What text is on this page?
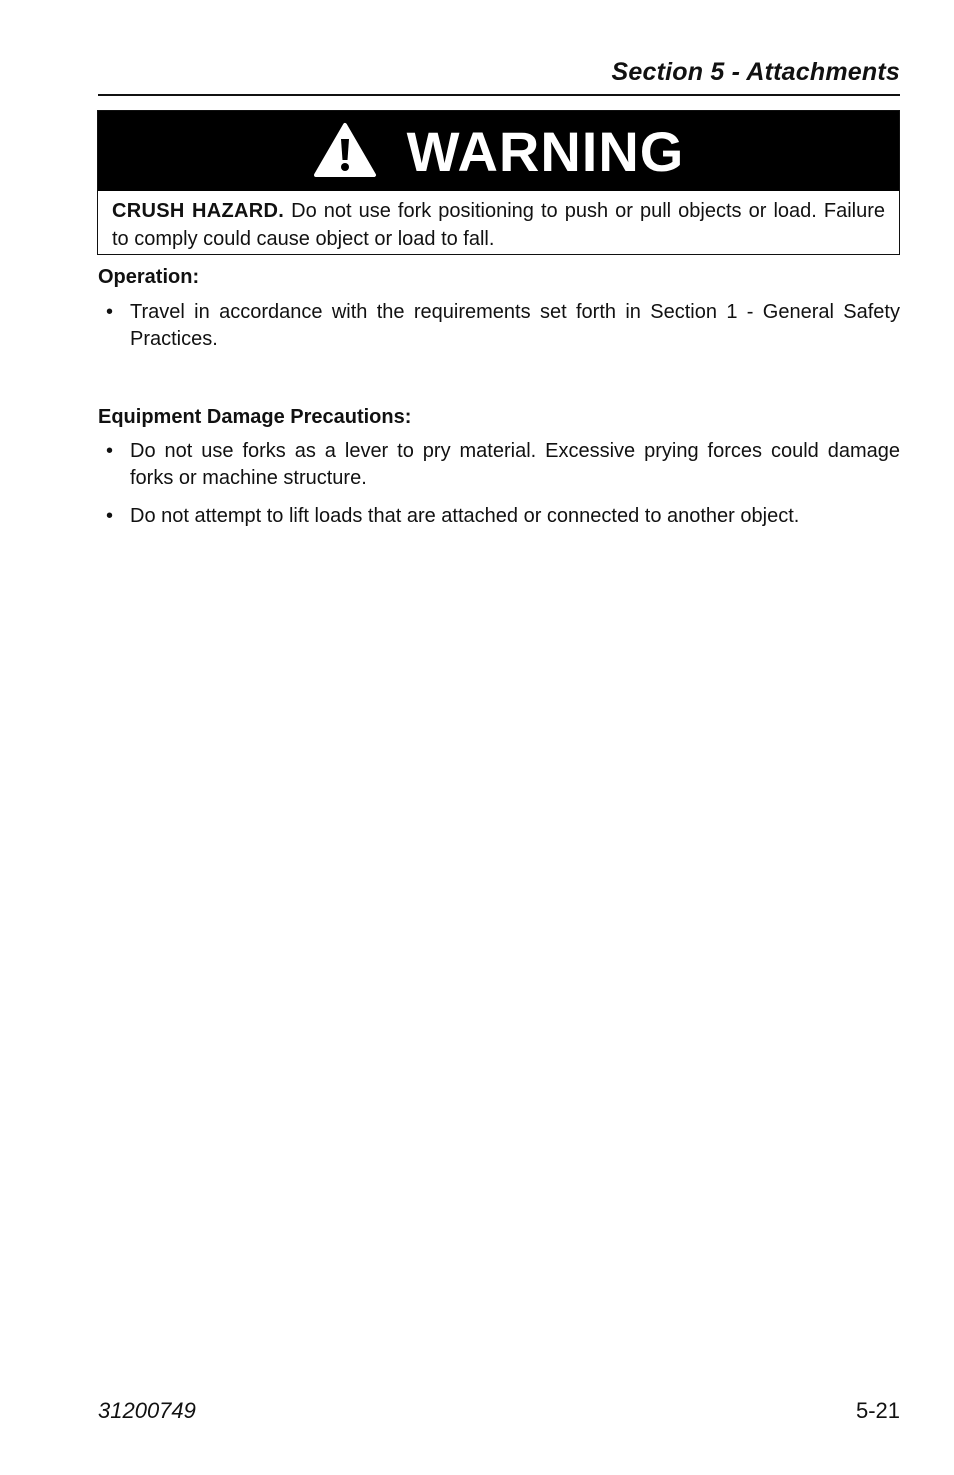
Section 5 - Attachments
WARNING
CRUSH HAZARD. Do not use fork positioning to push or pull objects or load. Failure to comply could cause object or load to fall.
Operation:
• Travel in accordance with the requirements set forth in Section 1 - General Safety Practices.
Equipment Damage Precautions:
• Do not use forks as a lever to pry material. Excessive prying forces could damage forks or machine structure.
• Do not attempt to lift loads that are attached or connected to another object.
31200749	5-21
